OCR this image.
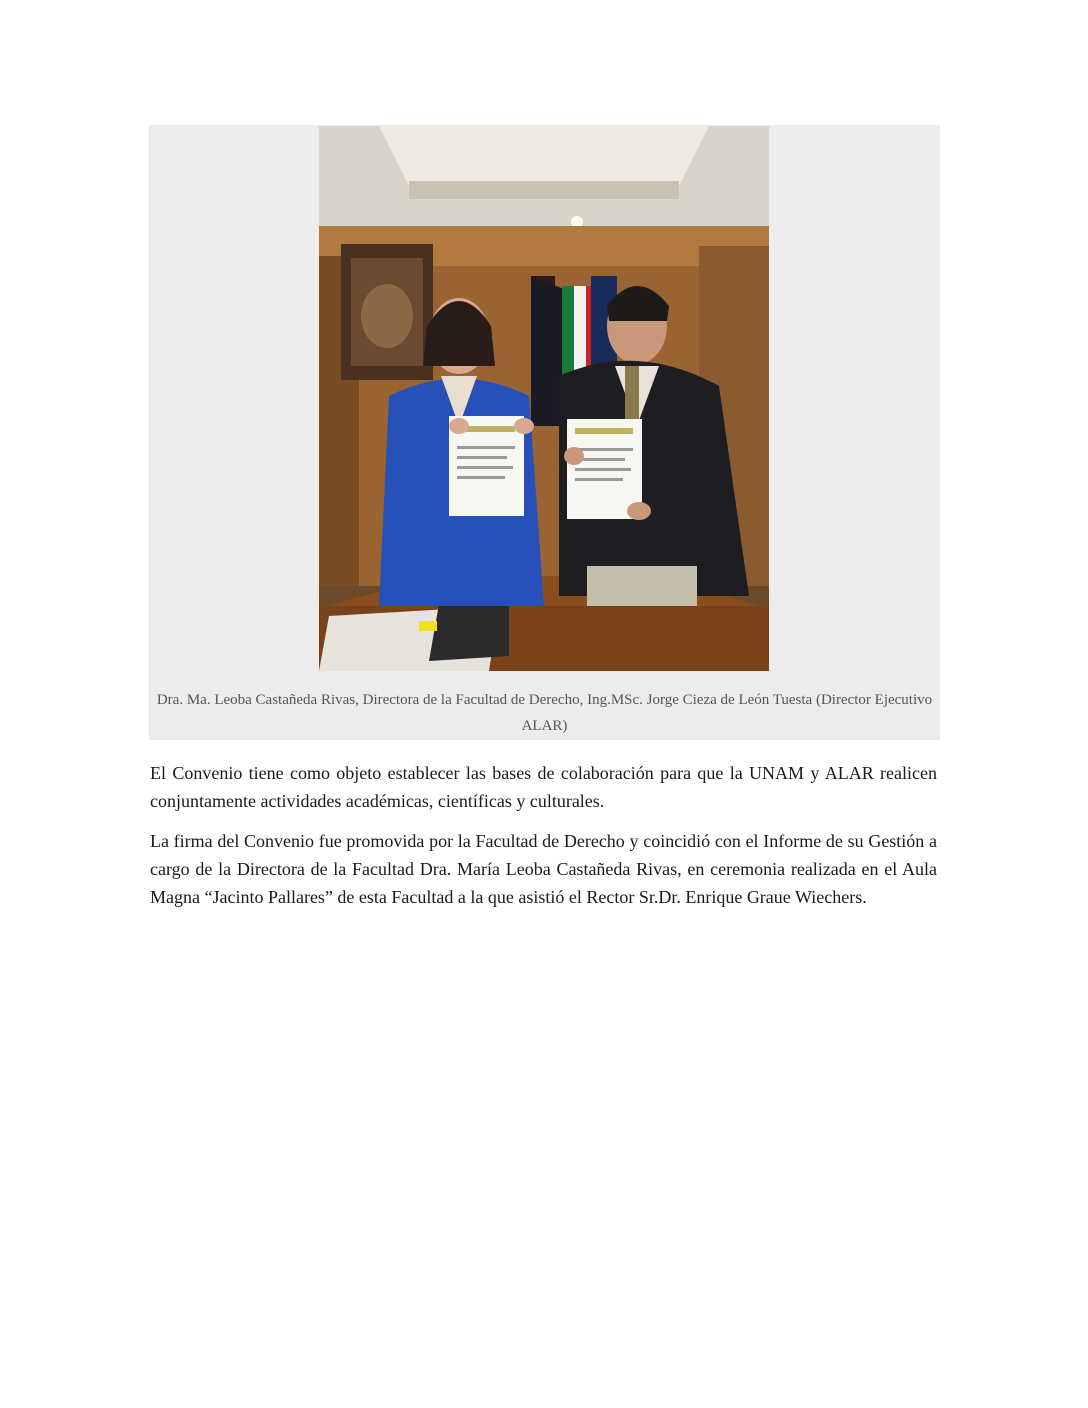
Dra. Ma. Leoba Castañeda Rivas, Directora de la Facultad de Derecho, Ing.MSc. Jorge Cieza de León Tuesta (Director Ejecutivo ALAR)

El Convenio tiene como objeto establecer las bases de colaboración para que la UNAM y ALAR realicen conjuntamente actividades académicas, científicas y culturales.

La firma del Convenio fue promovida por la Facultad de Derecho y coincidió con el Informe de su Gestión a cargo de la Directora de la Facultad Dra. María Leoba Castañeda Rivas, en ceremonia realizada en el Aula Magna “Jacinto Pallares” de esta Facultad a la que asistió el Rector Sr.Dr. Enrique Graue Wiechers.
